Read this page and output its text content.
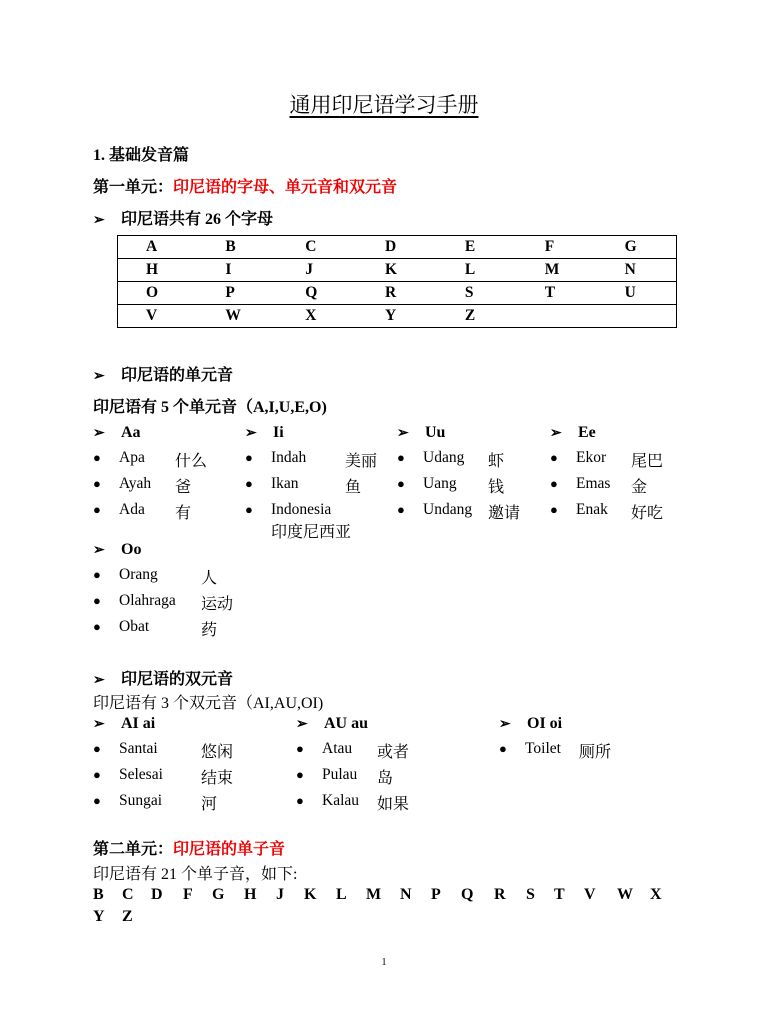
通用印尼语学习手册
1. 基础发音篇
第一单元：印尼语的字母、单元音和双元音
➢ 印尼语共有 26 个字母
A	B	C	D	E	F	G
H	I	J	K	L	M	N
O	P	Q	R	S	T	U
V	W	X	Y	Z		
➢ 印尼语的单元音
印尼语有 5 个单元音（A,I,U,E,O)
➢ Aa
● Apa 什么
● Ayah 爸
● Ada 有
➢ Ii
● Indah 美丽
● Ikan	鱼
● Indonesia
印度尼西亚
➢ Uu
● Udang 虾
● Uang 钱
● Undang 邀请
➢ Ee
● Ekor 尾巴
● Emas 金
● Enak 好吃
➢ Oo
● Orang	人
● Olahraga 运动
● Obat	药
➢ 印尼语的双元音
印尼语有 3 个双元音（AI,AU,OI)
➢ AI ai
● Santai	悠闲
● Selesai 结束
● Sungai 河
➢ AU au
● Atau 或者
● Pulau 岛
● Kalau 如果
➢ OI oi
● Toilet 厕所
第二单元：印尼语的单子音
印尼语有 21 个单子音，如下:
B C D F G H J K L M N P Q R S T V W X
Y Z
1
